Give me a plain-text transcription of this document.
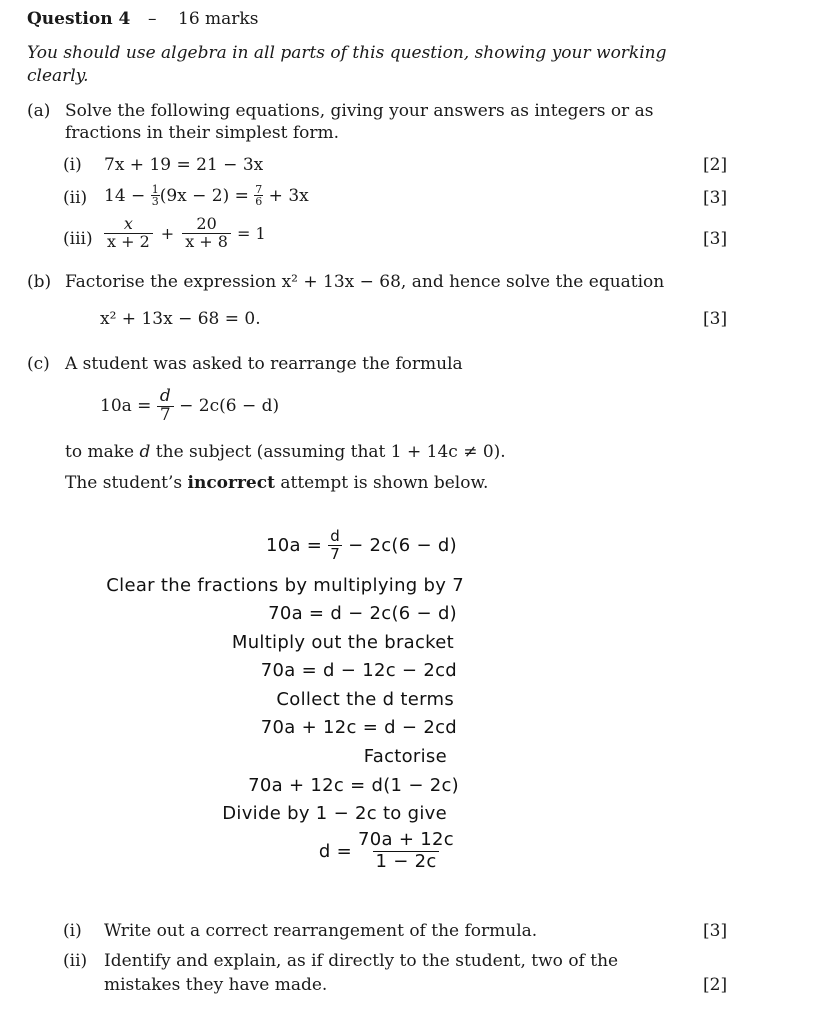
Question 4 – 16 marks
You should use algebra in all parts of this question, showing your working
clearly.
(a) Solve the following equations, giving your answers as integers or as
fractions in their simplest form.
(i) 7x + 19 = 21 − 3x	[2]
(ii) $14 - \frac{1}{3} (9x - 2) = \frac{7}{6} + 3x$	[3]
$(iii) \frac{x}{x + 2} + \frac{20}{x + 8} = 1$	[3]
(b) Factorise the expression x² + 13x − 68, and hence solve the equation
x² + 13x − 68 = 0.	[3]
(c) A student was asked to rearrange the formula
$10a = \frac{d}{7} - 2c(6 - d)$
to make d the subject (assuming that 1 + 14c ≠ 0).
The student’s incorrect attempt is shown below.
$10a = \frac{d}{7} - 2c(6 - d)$
Clear the fractions by multiplying by 7
70a = d − 2c(6 − d)
Multiply out the bracket
70a = d − 12c − 2cd
Collect the d terms
70a + 12c = d − 2cd
Factorise
70a + 12c = d(1 − 2c)
Divide by 1 − 2c to give
$d = \frac{70a + 12c}{1 - 2c}$
(i) Write out a correct rearrangement of the formula.	[3]
(ii) Identify and explain, as if directly to the student, two of the
mistakes they have made.	[2]
